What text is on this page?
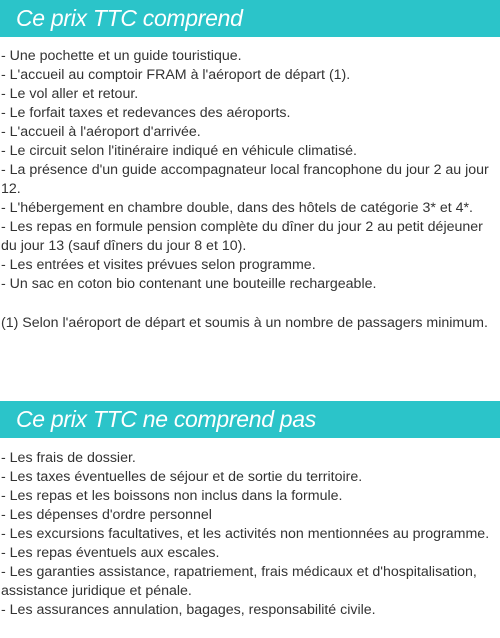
Ce prix TTC comprend
- Une pochette et un guide touristique.
- L'accueil au comptoir FRAM à l'aéroport de départ (1).
- Le vol aller et retour.
- Le forfait taxes et redevances des aéroports.
- L'accueil à l'aéroport d'arrivée.
- Le circuit selon l'itinéraire indiqué en véhicule climatisé.
- La présence d'un guide accompagnateur local francophone du jour 2 au jour 12.
- L'hébergement en chambre double, dans des hôtels de catégorie 3* et 4*.
- Les repas en formule pension complète du dîner du jour 2 au petit déjeuner du jour 13 (sauf dîners du jour 8 et 10).
- Les entrées et visites prévues selon programme.
- Un sac en coton bio contenant une bouteille rechargeable.

(1) Selon l'aéroport de départ et soumis à un nombre de passagers minimum.

Ce prix TTC ne comprend pas
- Les frais de dossier.
- Les taxes éventuelles de séjour et de sortie du territoire.
- Les repas et les boissons non inclus dans la formule.
- Les dépenses d'ordre personnel
- Les excursions facultatives, et les activités non mentionnées au programme.
- Les repas éventuels aux escales.
- Les garanties assistance, rapatriement, frais médicaux et d'hospitalisation, assistance juridique et pénale.
- Les assurances annulation, bagages, responsabilité civile.
